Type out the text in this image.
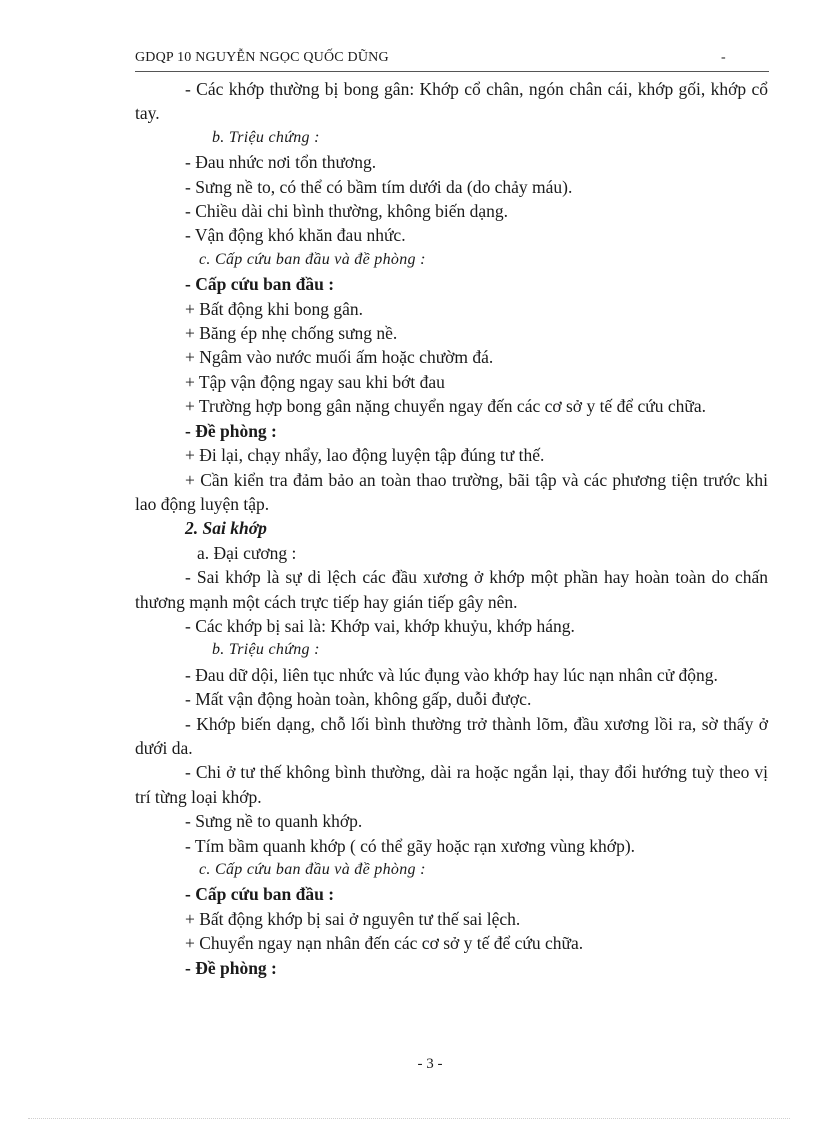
GDQP 10 NGUYỄN NGỌC QUỐC DŨNG	-
- Các khớp thường bị bong gân: Khớp cổ chân, ngón chân cái, khớp gối, khớp cổ tay.
b. Triệu chứng :
- Đau nhức nơi tổn thương.
- Sưng nề to, có thể có bầm tím dưới da (do chảy máu).
- Chiều dài chi bình thường, không biến dạng.
- Vận động khó khăn đau nhức.
c. Cấp cứu ban đầu và đề phòng :
- Cấp cứu ban đầu :
+ Bất động khi bong gân.
+ Băng ép nhẹ chống sưng nề.
+ Ngâm vào nước muối ấm hoặc chườm đá.
+ Tập vận động ngay sau khi bớt đau
+ Trường hợp bong gân nặng chuyển ngay đến các cơ sở y tế để cứu chữa.
- Đề phòng :
+ Đi lại, chạy nhẩy, lao động luyện tập đúng tư thế.
+ Cần kiển tra đảm bảo an toàn thao trường, bãi tập và các phương tiện trước khi lao động luyện tập.
2. Sai khớp
a. Đại cương :
- Sai khớp là sự di lệch các đầu xương ở khớp một phần hay hoàn toàn do chấn thương mạnh một cách trực tiếp hay gián tiếp gây nên.
- Các khớp bị sai là: Khớp vai, khớp khuỷu, khớp háng.
b. Triệu chứng :
- Đau dữ dội, liên tục nhức và lúc đụng vào khớp hay lúc nạn nhân cử động.
- Mất vận động hoàn toàn, không gấp, duỗi được.
- Khớp biến dạng, chỗ lối bình thường trở thành lõm, đầu xương lồi ra, sờ thấy ở dưới da.
- Chi ở tư thế không bình thường, dài ra hoặc ngắn lại, thay đổi hướng tuỳ theo vị trí từng loại khớp.
- Sưng nề to quanh khớp.
- Tím bầm quanh khớp ( có thể gãy hoặc rạn xương vùng khớp).
c. Cấp cứu ban đầu và đề phòng :
- Cấp cứu ban đầu :
+ Bất động khớp bị sai ở nguyên tư thế sai lệch.
+ Chuyển ngay nạn nhân đến các cơ sở y tế để cứu chữa.
- Đề phòng :
- 3 -
